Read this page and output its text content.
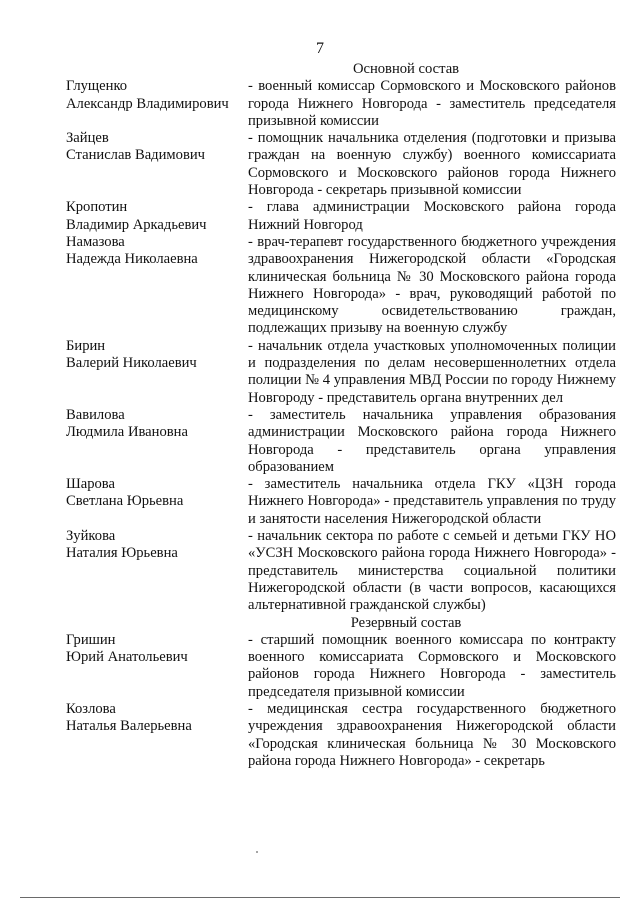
7
Основной состав
Глущенко
Александр Владимирович
- военный комиссар Сормовского и Московского районов города Нижнего Новгорода - заместитель председателя призывной комиссии
Зайцев
Станислав Вадимович
- помощник начальника отделения (подготовки и призыва граждан на военную службу) военного комиссариата Сормовского и Московского районов города Нижнего Новгорода - секретарь призывной комиссии
Кропотин
Владимир Аркадьевич
- глава администрации Московского района города Нижний Новгород
Намазова
Надежда Николаевна
- врач-терапевт государственного бюджетного учреждения здравоохранения Нижегородской области «Городская клиническая больница № 30 Московского района города Нижнего Новгорода» - врач, руководящий работой по медицинскому освидетельствованию граждан, подлежащих призыву на военную службу
Бирин
Валерий Николаевич
- начальник отдела участковых уполномоченных полиции и подразделения по делам несовершеннолетних отдела полиции № 4 управления МВД России по городу Нижнему Новгороду - представитель органа внутренних дел
Вавилова
Людмила Ивановна
- заместитель начальника управления образования администрации Московского района города Нижнего Новгорода - представитель органа управления образованием
Шарова
Светлана Юрьевна
- заместитель начальника отдела ГКУ «ЦЗН города Нижнего Новгорода» - представитель управления по труду и занятости населения Нижегородской области
Зуйкова
Наталия Юрьевна
- начальник сектора по работе с семьей и детьми ГКУ НО «УСЗН Московского района города Нижнего Новгорода» - представитель министерства социальной политики Нижегородской области (в части вопросов, касающихся альтернативной гражданской службы)
Резервный состав
Гришин
Юрий Анатольевич
- старший помощник военного комиссара по контракту военного комиссариата Сормовского и Московского районов города Нижнего Новгорода - заместитель председателя призывной комиссии
Козлова
Наталья Валерьевна
- медицинская сестра государственного бюджетного учреждения здравоохранения Нижегородской области «Городская клиническая больница № 30 Московского района города Нижнего Новгорода» - секретарь
